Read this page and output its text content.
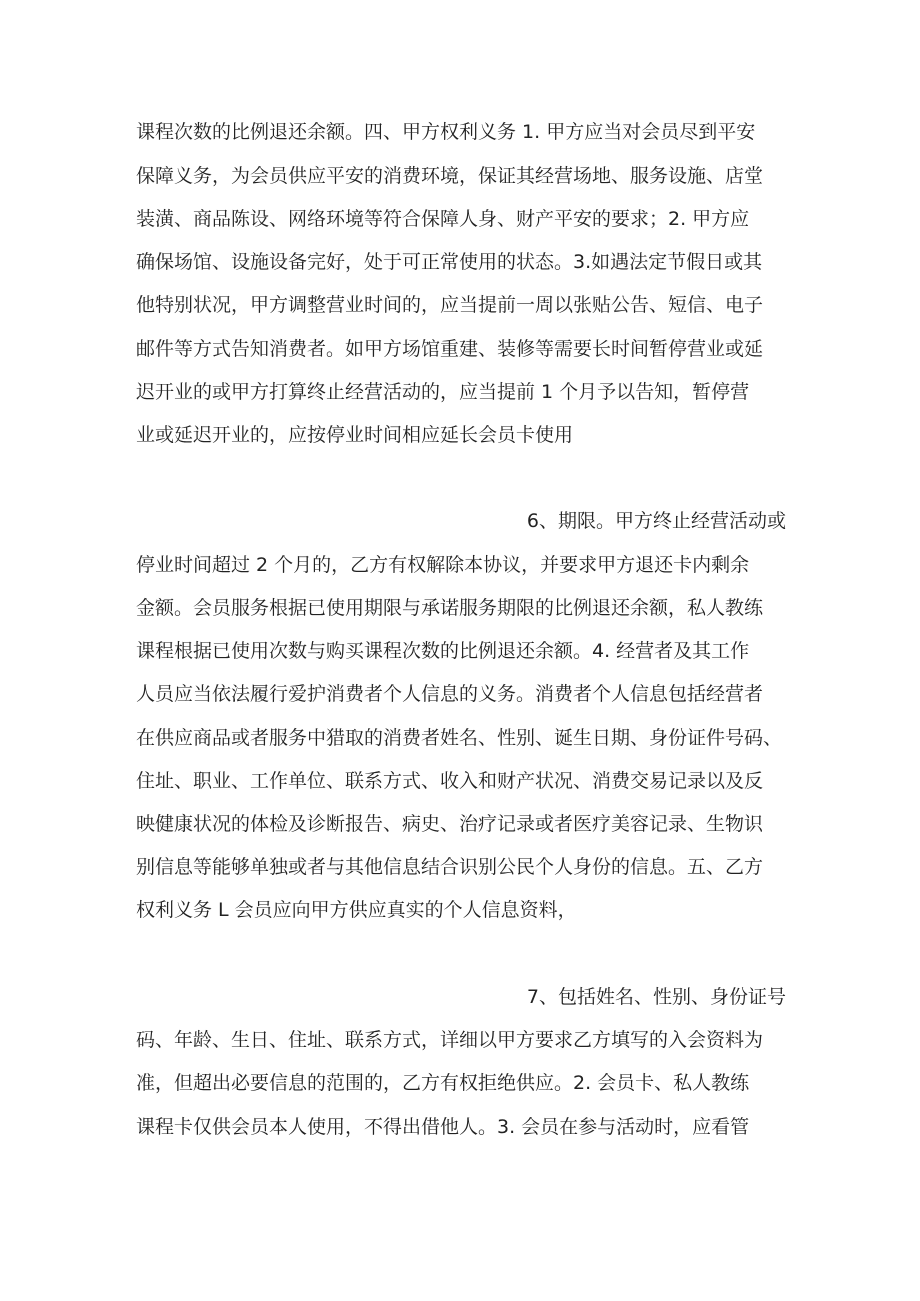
课程次数的比例退还余额。四、甲方权利义务 1. 甲方应当对会员尽到平安
保障义务，为会员供应平安的消费环境，保证其经营场地、服务设施、店堂
装潢、商品陈设、网络环境等符合保障人身、财产平安的要求；2. 甲方应
确保场馆、设施设备完好，处于可正常使用的状态。3.如遇法定节假日或其
他特别状况，甲方调整营业时间的，应当提前一周以张贴公告、短信、电子
邮件等方式告知消费者。如甲方场馆重建、装修等需要长时间暂停营业或延
迟开业的或甲方打算终止经营活动的，应当提前 1 个月予以告知，暂停营
业或延迟开业的，应按停业时间相应延长会员卡使用
6、期限。甲方终止经营活动或
停业时间超过 2 个月的，乙方有权解除本协议，并要求甲方退还卡内剩余
金额。会员服务根据已使用期限与承诺服务期限的比例退还余额，私人教练
课程根据已使用次数与购买课程次数的比例退还余额。4. 经营者及其工作
人员应当依法履行爱护消费者个人信息的义务。消费者个人信息包括经营者
在供应商品或者服务中猎取的消费者姓名、性别、诞生日期、身份证件号码、
住址、职业、工作单位、联系方式、收入和财产状况、消费交易记录以及反
映健康状况的体检及诊断报告、病史、治疗记录或者医疗美容记录、生物识
别信息等能够单独或者与其他信息结合识别公民个人身份的信息。五、乙方
权利义务 L 会员应向甲方供应真实的个人信息资料，
7、包括姓名、性别、身份证号
码、年龄、生日、住址、联系方式，详细以甲方要求乙方填写的入会资料为
准，但超出必要信息的范围的，乙方有权拒绝供应。2. 会员卡、私人教练
课程卡仅供会员本人使用，不得出借他人。3. 会员在参与活动时，应看管
